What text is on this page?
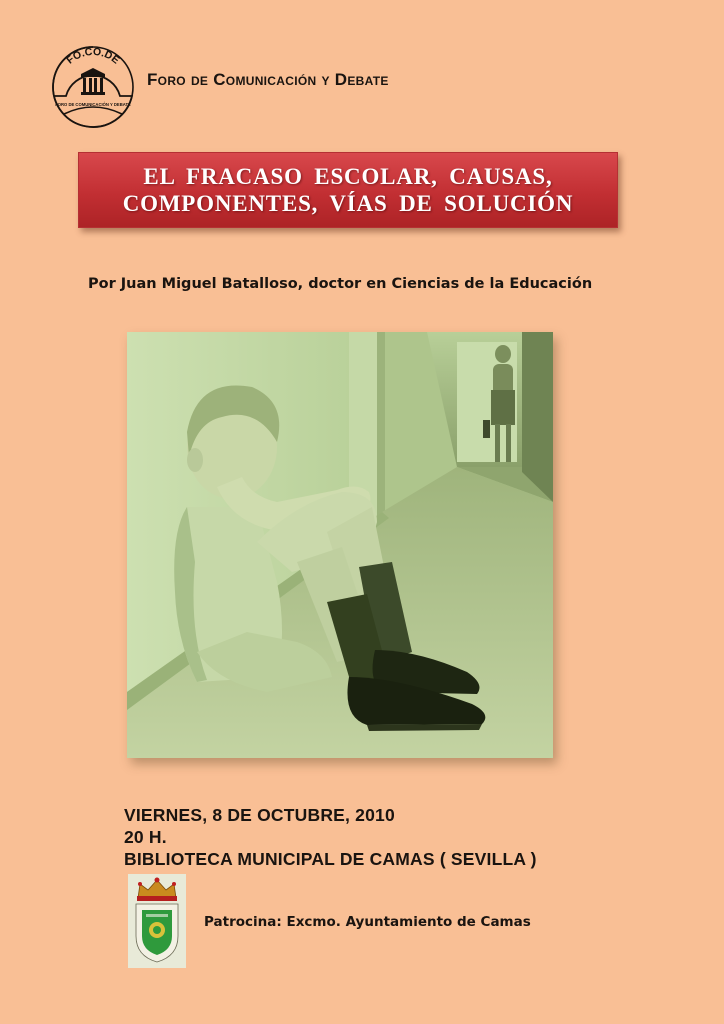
FO.CO.DE
FORO DE COMUNICACIÓN Y DEBATE
Foro de Comunicación y Debate
EL FRACASO ESCOLAR, CAUSAS,
COMPONENTES, VÍAS DE SOLUCIÓN
Por Juan Miguel Batalloso, doctor en Ciencias de la Educación
VIERNES, 8 DE OCTUBRE, 2010
20 H.
BIBLIOTECA MUNICIPAL DE CAMAS ( SEVILLA )
Patrocina: Excmo. Ayuntamiento de Camas
